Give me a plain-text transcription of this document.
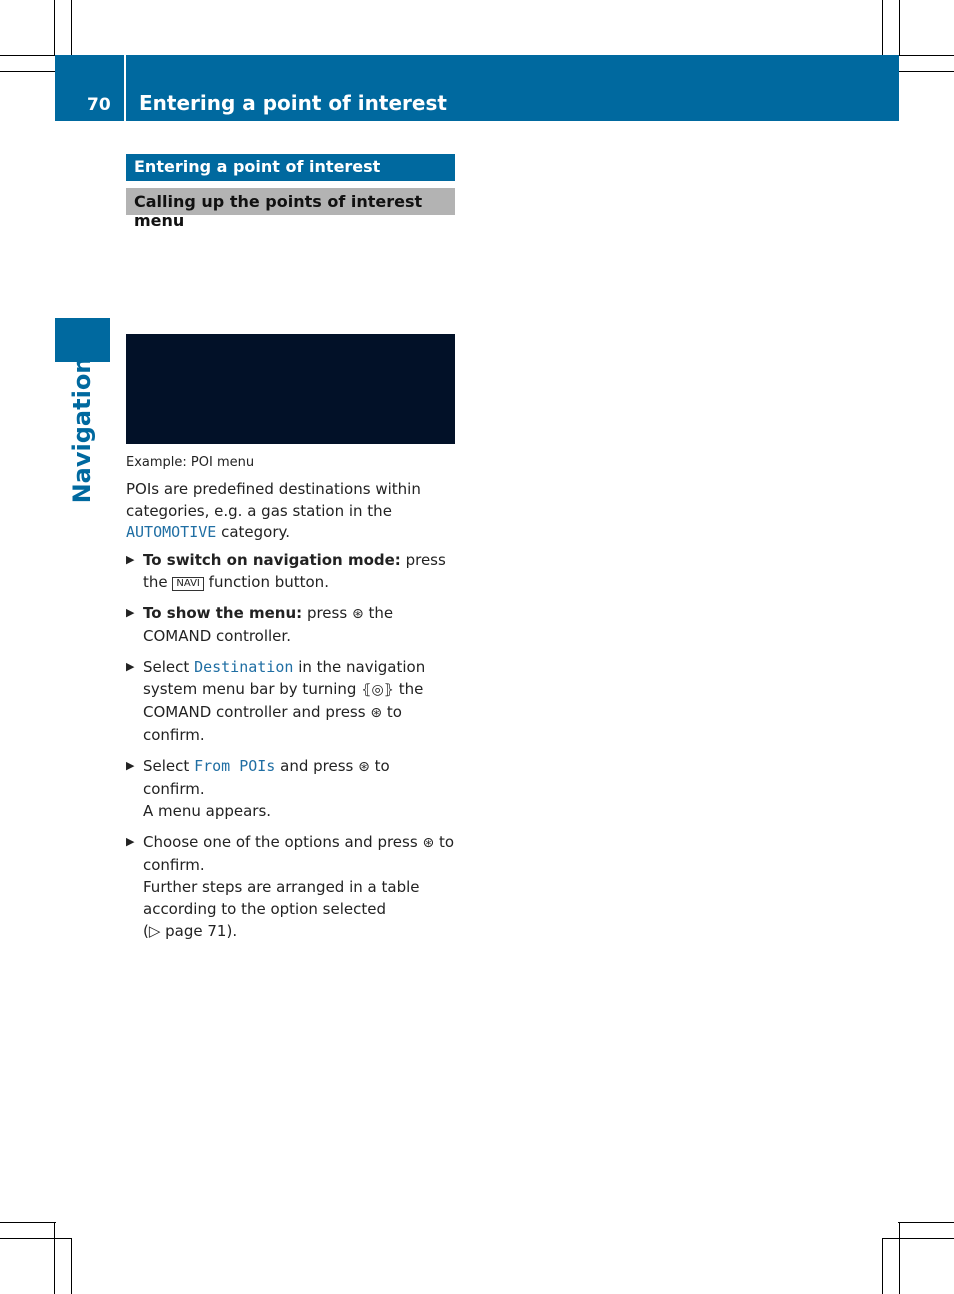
70 Entering a point of interest
Navigation
Entering a point of interest
Calling up the points of interest menu
Example: POI menu
POIs are predefined destinations within categories, e.g. a gas station in the AUTOMOTIVE category.
▶ To switch on navigation mode: press the NAVI function button.
▶ To show the menu: press ⊛ the COMAND controller.
▶ Select Destination in the navigation system menu bar by turning ⦃◎⦄ the COMAND controller and press ⊛ to confirm.
▶ Select From POIs and press ⊛ to confirm.
A menu appears.
▶ Choose one of the options and press ⊛ to confirm.
Further steps are arranged in a table according to the option selected
(▷ page 71).
